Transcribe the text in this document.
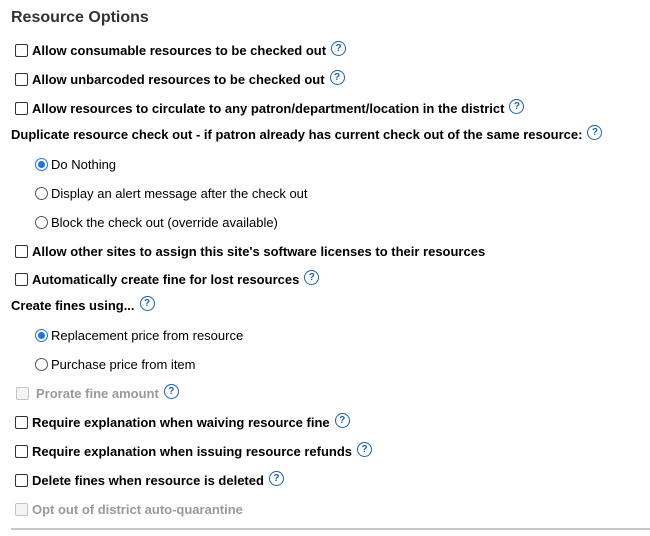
Resource Options
Allow consumable resources to be checked out ?
Allow unbarcoded resources to be checked out ?
Allow resources to circulate to any patron/department/location in the district ?
Duplicate resource check out - if patron already has current check out of the same resource: ?
Do Nothing
Display an alert message after the check out
Block the check out (override available)
Allow other sites to assign this site's software licenses to their resources
Automatically create fine for lost resources ?
Create fines using... ?
Replacement price from resource
Purchase price from item
Prorate fine amount ?
Require explanation when waiving resource fine ?
Require explanation when issuing resource refunds ?
Delete fines when resource is deleted ?
Opt out of district auto-quarantine
